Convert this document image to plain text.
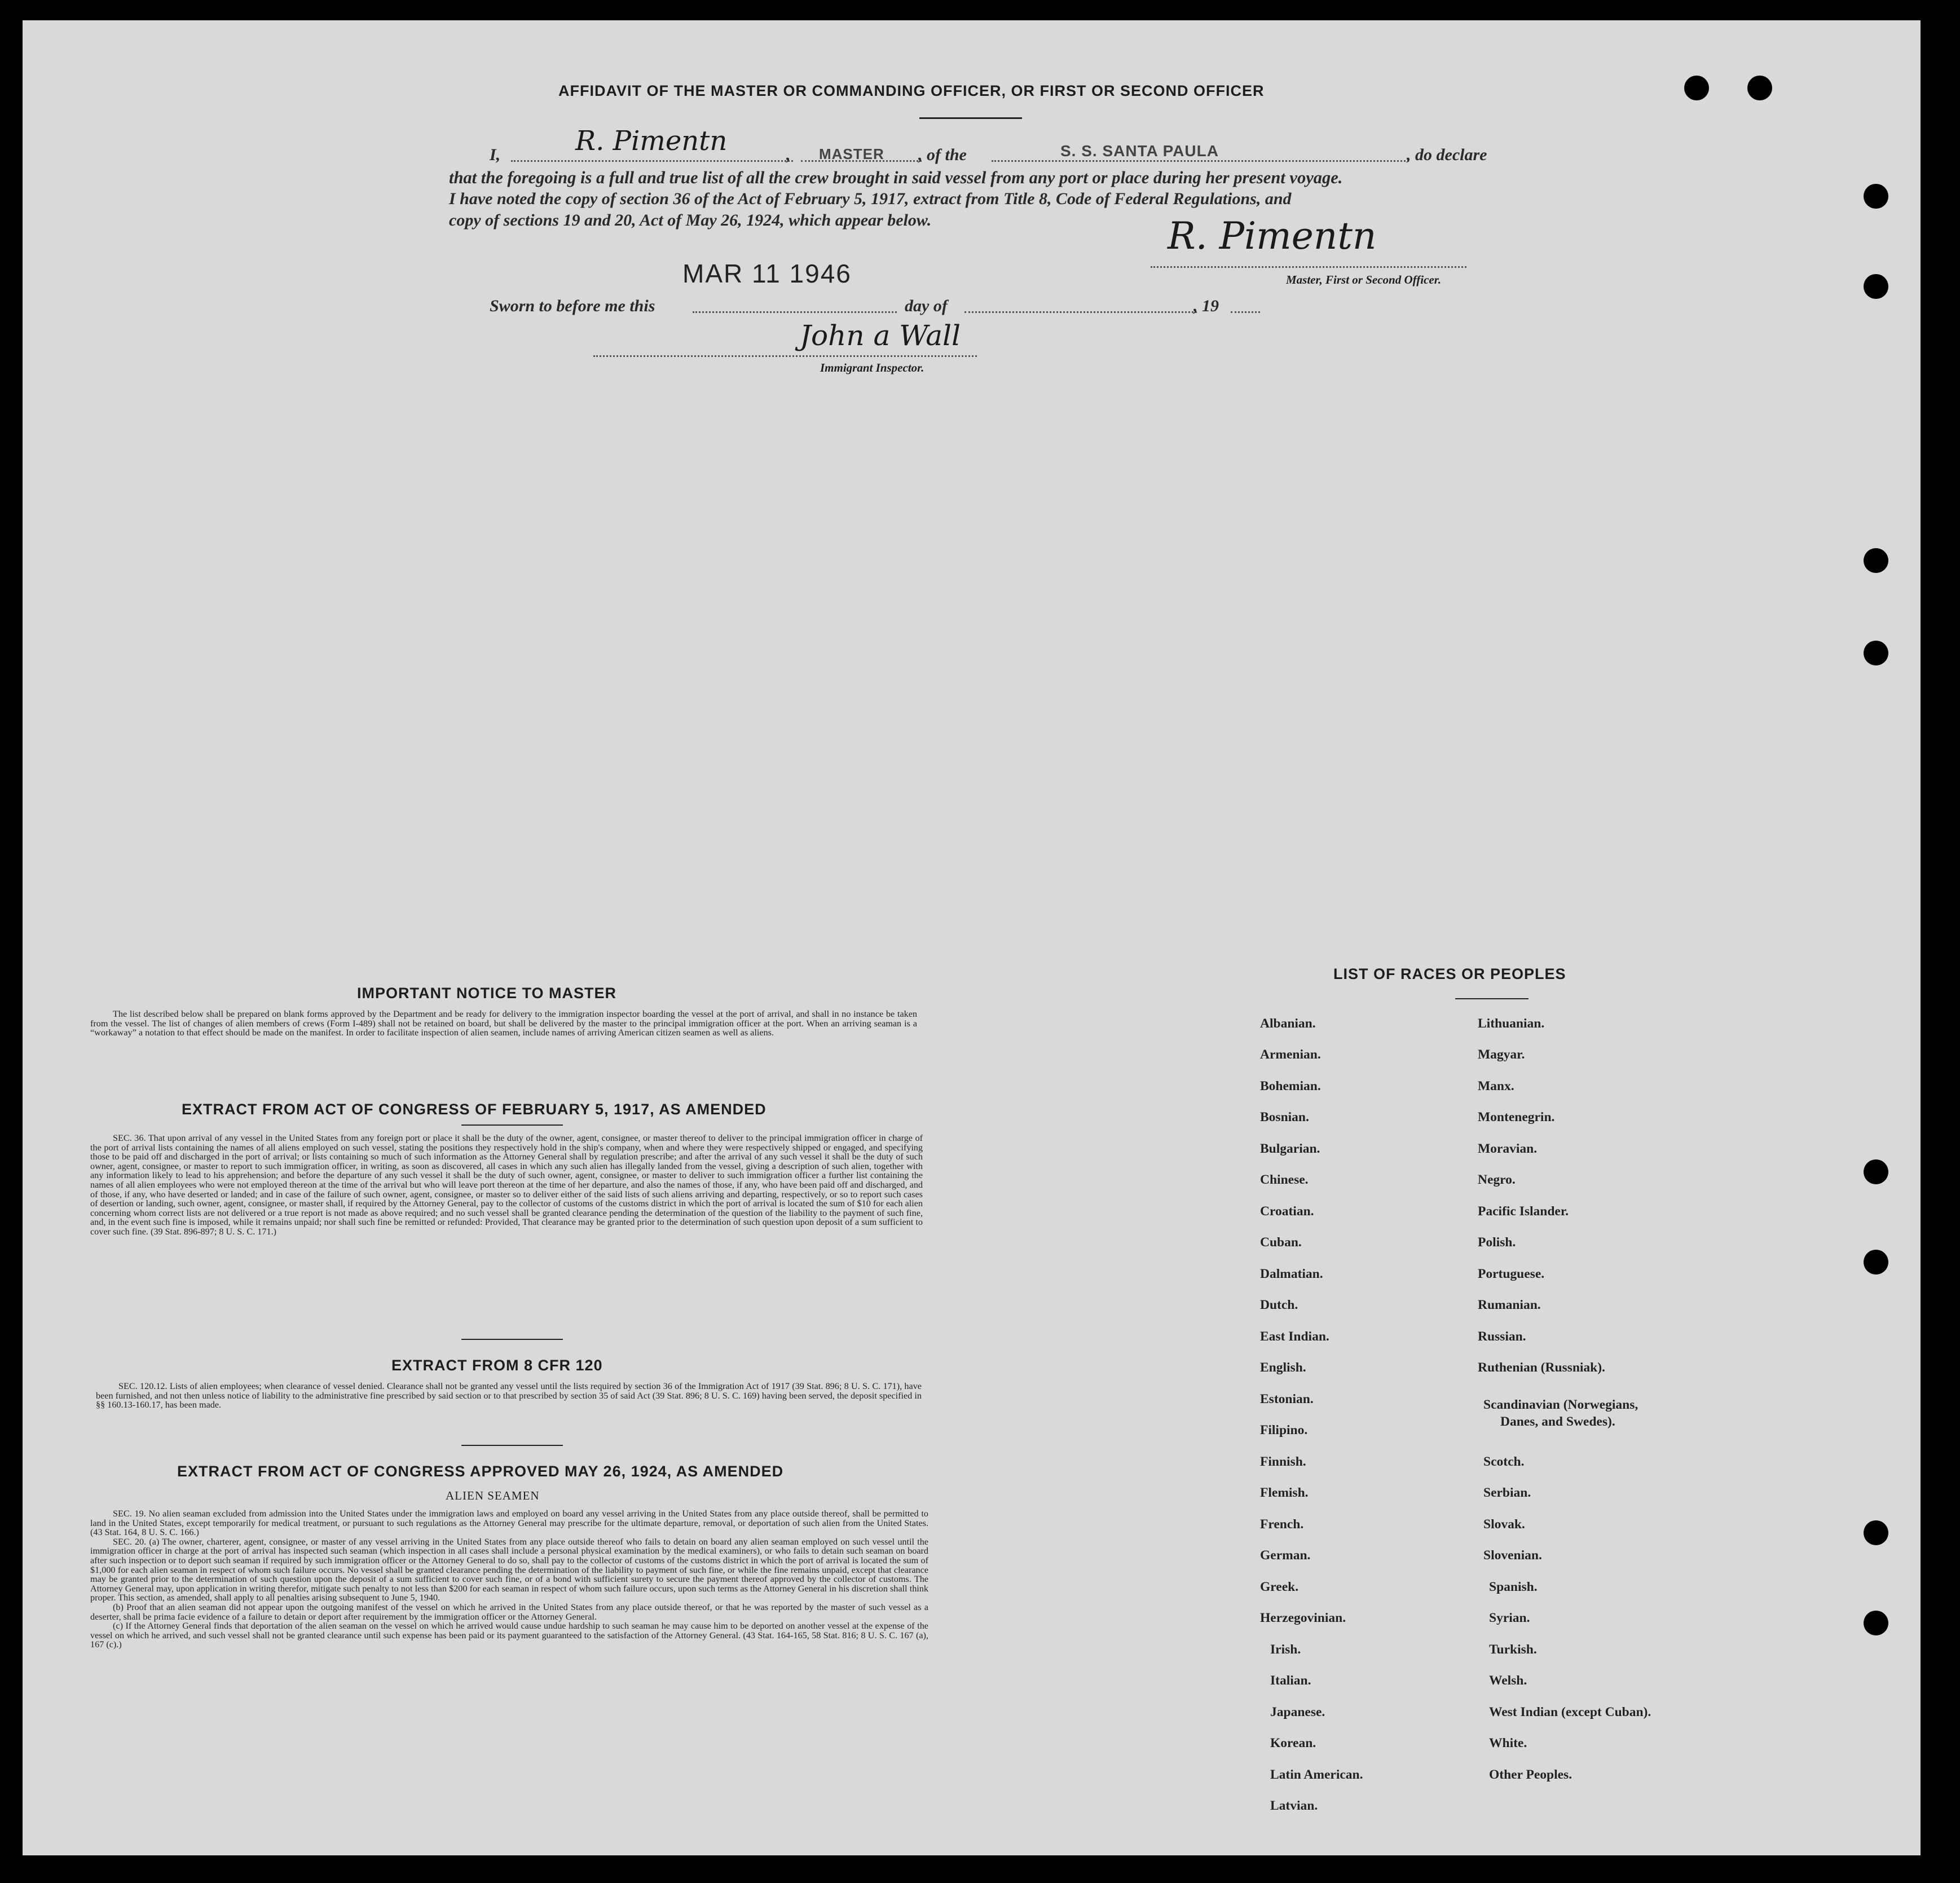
AFFIDAVIT OF THE MASTER OR COMMANDING OFFICER, OR FIRST OR SECOND OFFICER
I,	R. Pimentn	, MASTER , of the	S. S. SANTA PAULA	, do declare
that the foregoing is a full and true list of all the crew brought in said vessel from any port or place during her present voyage.
I have noted the copy of section 36 of the Act of February 5, 1917, extract from Title 8, Code of Federal Regulations, and
copy of sections 19 and 20, Act of May 26, 1924, which appear below.
MAR 11 1946
R. Pimentn
Master, First or Second Officer.
Sworn to before me this	day of	, 19
John a Wall
Immigrant Inspector.
IMPORTANT NOTICE TO MASTER

The list described below shall be prepared on blank forms approved by the Department and be ready for delivery to the immigration inspector boarding the vessel at the port of arrival, and shall in no instance be taken from the vessel. The list of changes of alien members of crews (Form I-489) shall not be retained on board, but shall be delivered by the master to the principal immigration officer at the port. When an arriving seaman is a “workaway” a notation to that effect should be made on the manifest. In order to facilitate inspection of alien seamen, include names of arriving American citizen seamen as well as aliens.

EXTRACT FROM ACT OF CONGRESS OF FEBRUARY 5, 1917, AS AMENDED

SEC. 36. That upon arrival of any vessel in the United States from any foreign port or place it shall be the duty of the owner, agent, consignee, or master thereof to deliver to the principal immigration officer in charge of the port of arrival lists containing the names of all aliens employed on such vessel, stating the positions they respectively hold in the ship's company, when and where they were respectively shipped or engaged, and specifying those to be paid off and discharged in the port of arrival; or lists containing so much of such information as the Attorney General shall by regulation prescribe; and after the arrival of any such vessel it shall be the duty of such owner, agent, consignee, or master to report to such immigration officer, in writing, as soon as discovered, all cases in which any such alien has illegally landed from the vessel, giving a description of such alien, together with any information likely to lead to his apprehension; and before the departure of any such vessel it shall be the duty of such owner, agent, consignee, or master to deliver to such immigration officer a further list containing the names of all alien employees who were not employed thereon at the time of the arrival but who will leave port thereon at the time of her departure, and also the names of those, if any, who have been paid off and discharged, and of those, if any, who have deserted or landed; and in case of the failure of such owner, agent, consignee, or master so to deliver either of the said lists of such aliens arriving and departing, respectively, or so to report such cases of desertion or landing, such owner, agent, consignee, or master shall, if required by the Attorney General, pay to the collector of customs of the customs district in which the port of arrival is located the sum of $10 for each alien concerning whom correct lists are not delivered or a true report is not made as above required; and no such vessel shall be granted clearance pending the determination of the question of the liability to the payment of such fine, and, in the event such fine is imposed, while it remains unpaid; nor shall such fine be remitted or refunded: Provided, That clearance may be granted prior to the determination of such question upon deposit of a sum sufficient to cover such fine. (39 Stat. 896-897; 8 U. S. C. 171.)

EXTRACT FROM 8 CFR 120

SEC. 120.12. Lists of alien employees; when clearance of vessel denied. Clearance shall not be granted any vessel until the lists required by section 36 of the Immigration Act of 1917 (39 Stat. 896; 8 U. S. C. 171), have been furnished, and not then unless notice of liability to the administrative fine prescribed by said section or to that prescribed by section 35 of said Act (39 Stat. 896; 8 U. S. C. 169) having been served, the deposit specified in §§ 160.13-160.17, has been made.

EXTRACT FROM ACT OF CONGRESS APPROVED MAY 26, 1924, AS AMENDED
ALIEN SEAMEN

SEC. 19. No alien seaman excluded from admission into the United States under the immigration laws and employed on board any vessel arriving in the United States from any place outside thereof, shall be permitted to land in the United States, except temporarily for medical treatment, or pursuant to such regulations as the Attorney General may prescribe for the ultimate departure, removal, or deportation of such alien from the United States. (43 Stat. 164, 8 U. S. C. 166.)

SEC. 20. (a) The owner, charterer, agent, consignee, or master of any vessel arriving in the United States from any place outside thereof who fails to detain on board any alien seaman employed on such vessel until the immigration officer in charge at the port of arrival has inspected such seaman (which inspection in all cases shall include a personal physical examination by the medical examiners), or who fails to detain such seaman on board after such inspection or to deport such seaman if required by such immigration officer or the Attorney General to do so, shall pay to the collector of customs of the customs district in which the port of arrival is located the sum of $1,000 for each alien seaman in respect of whom such failure occurs. No vessel shall be granted clearance pending the determination of the liability to payment of such fine, or while the fine remains unpaid, except that clearance may be granted prior to the determination of such question upon the deposit of a sum sufficient to cover such fine, or of a bond with sufficient surety to secure the payment thereof approved by the collector of customs. The Attorney General may, upon application in writing therefor, mitigate such penalty to not less than $200 for each seaman in respect of whom such failure occurs, upon such terms as the Attorney General in his discretion shall think proper. This section, as amended, shall apply to all penalties arising subsequent to June 5, 1940.

(b) Proof that an alien seaman did not appear upon the outgoing manifest of the vessel on which he arrived in the United States from any place outside thereof, or that he was reported by the master of such vessel as a deserter, shall be prima facie evidence of a failure to detain or deport after requirement by the immigration officer or the Attorney General.

(c) If the Attorney General finds that deportation of the alien seaman on the vessel on which he arrived would cause undue hardship to such seaman he may cause him to be deported on another vessel at the expense of the vessel on which he arrived, and such vessel shall not be granted clearance until such expense has been paid or its payment guaranteed to the satisfaction of the Attorney General. (43 Stat. 164-165, 58 Stat. 816; 8 U. S. C. 167 (a), 167 (c).)

LIST OF RACES OR PEOPLES
Albanian.
Armenian.
Bohemian.
Bosnian.
Bulgarian.
Chinese.
Croatian.
Cuban.
Dalmatian.
Dutch.
East Indian.
English.
Estonian.
Filipino.
Finnish.
Flemish.
French.
German.
Greek.
Herzegovinian.
Irish.
Italian.
Japanese.
Korean.
Latin American.
Latvian.
Lithuanian.
Magyar.
Manx.
Montenegrin.
Moravian.
Negro.
Pacific Islander.
Polish.
Portuguese.
Rumanian.
Russian.
Ruthenian (Russniak).
Scandinavian (Norwegians,
Danes, and Swedes).
Scotch.
Serbian.
Slovak.
Slovenian.
Spanish.
Syrian.
Turkish.
Welsh.
West Indian (except Cuban).
White.
Other Peoples.
